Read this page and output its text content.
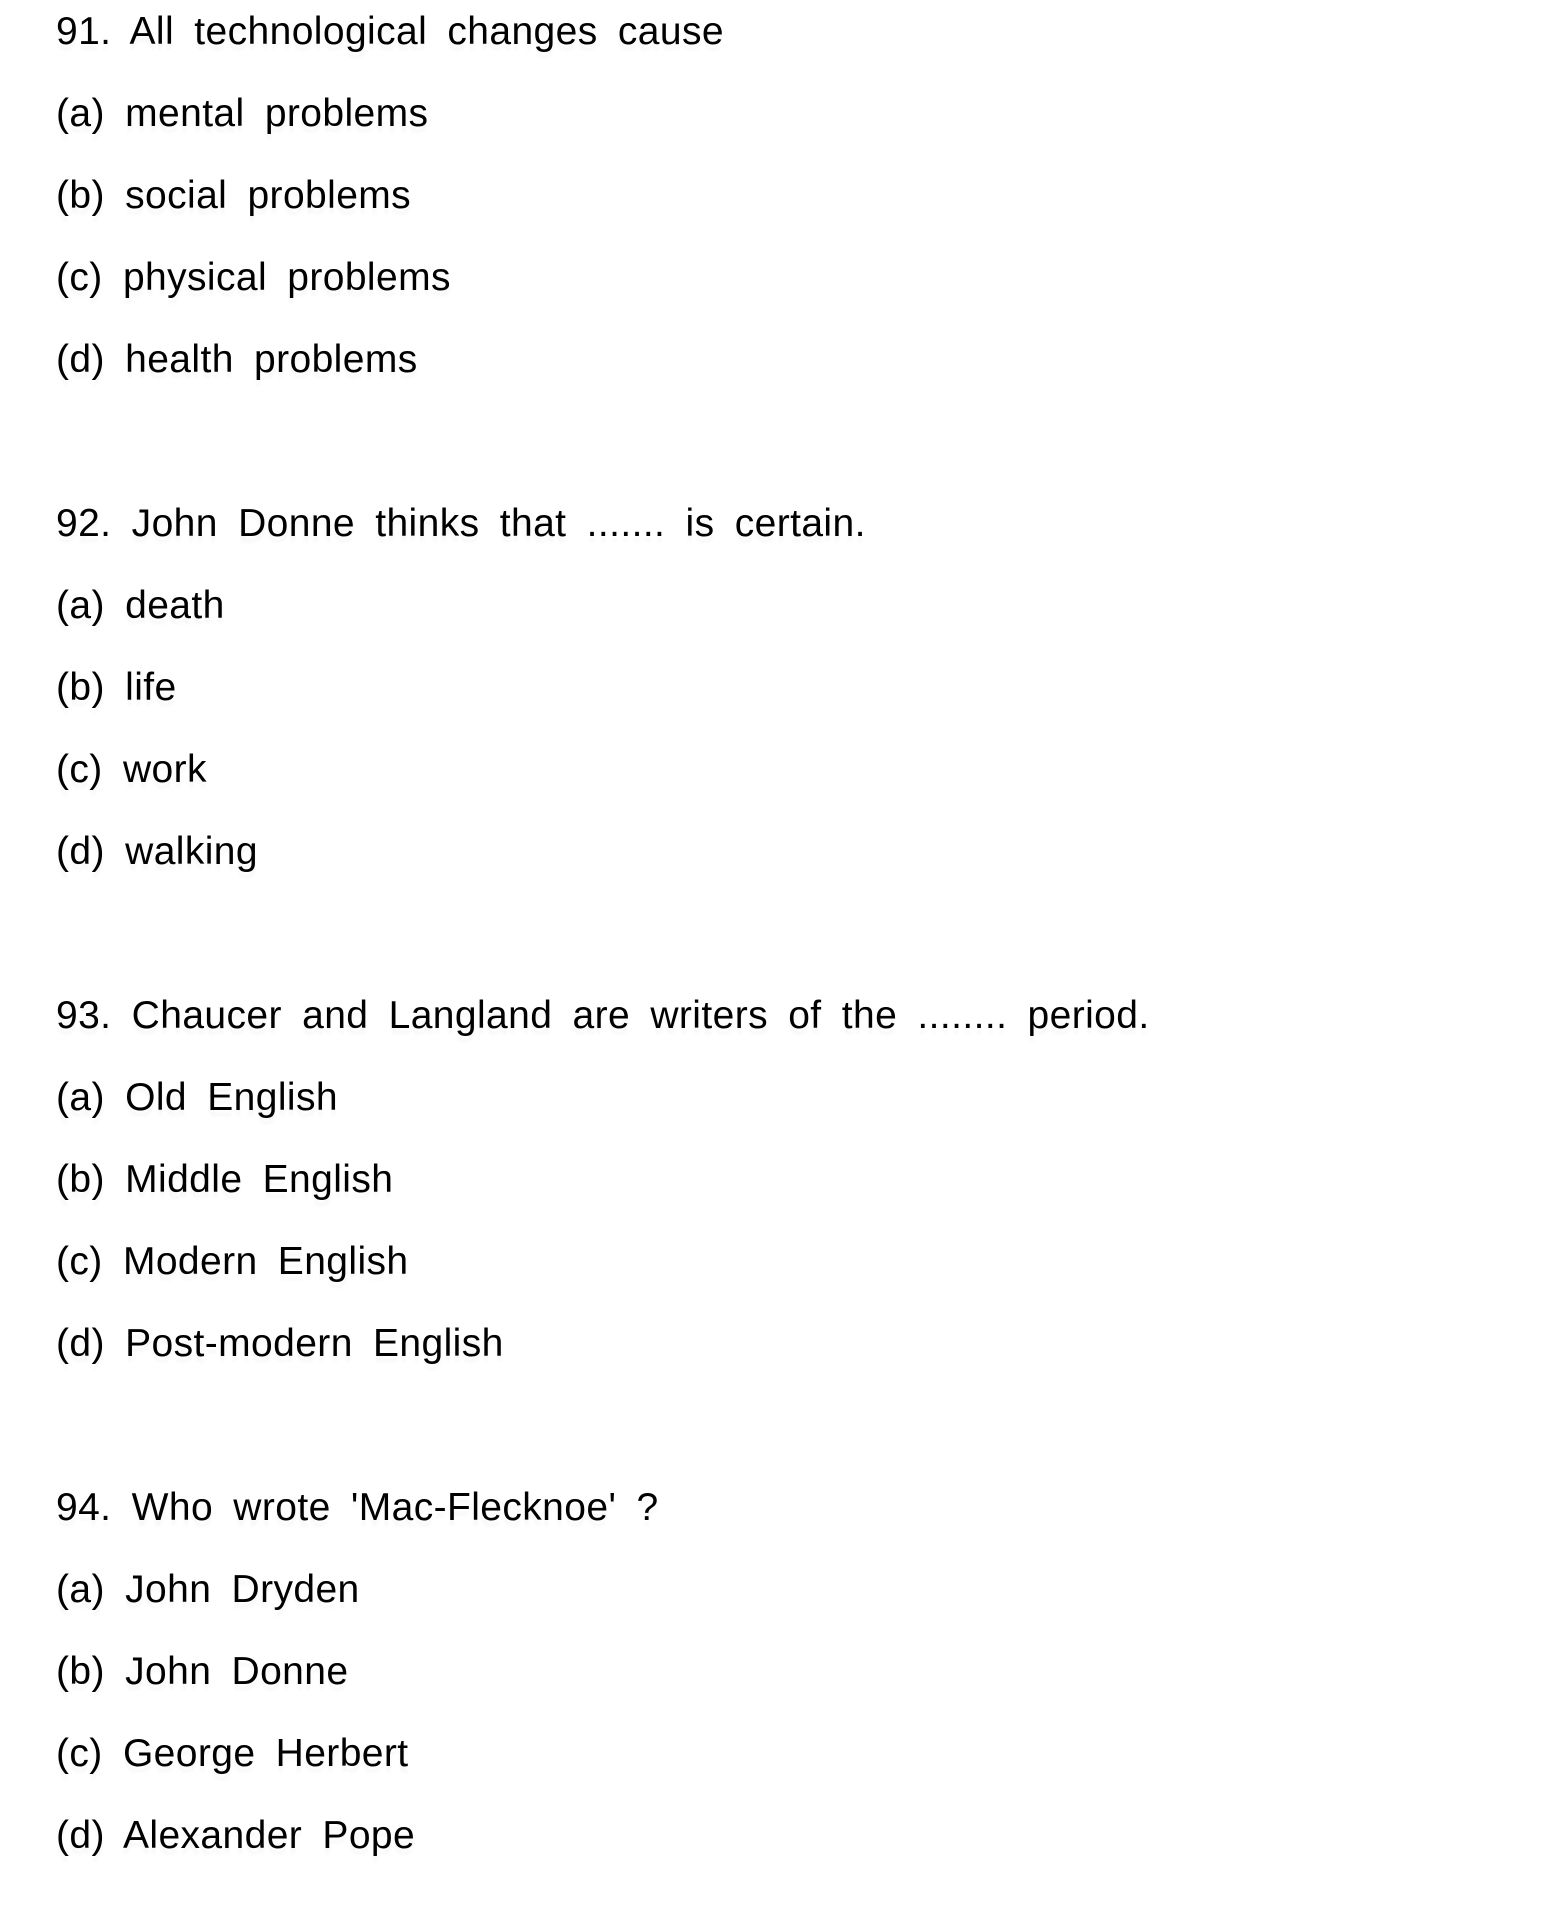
91. All technological changes cause
(a) mental problems
(b) social problems
(c) physical problems
(d) health problems
92. John Donne thinks that ....... is certain.
(a) death
(b) life
(c) work
(d) walking
93. Chaucer and Langland are writers of the ........ period.
(a) Old English
(b) Middle English
(c) Modern English
(d) Post-modern English
94. Who wrote 'Mac-Flecknoe' ?
(a) John Dryden
(b) John Donne
(c) George Herbert
(d) Alexander Pope
